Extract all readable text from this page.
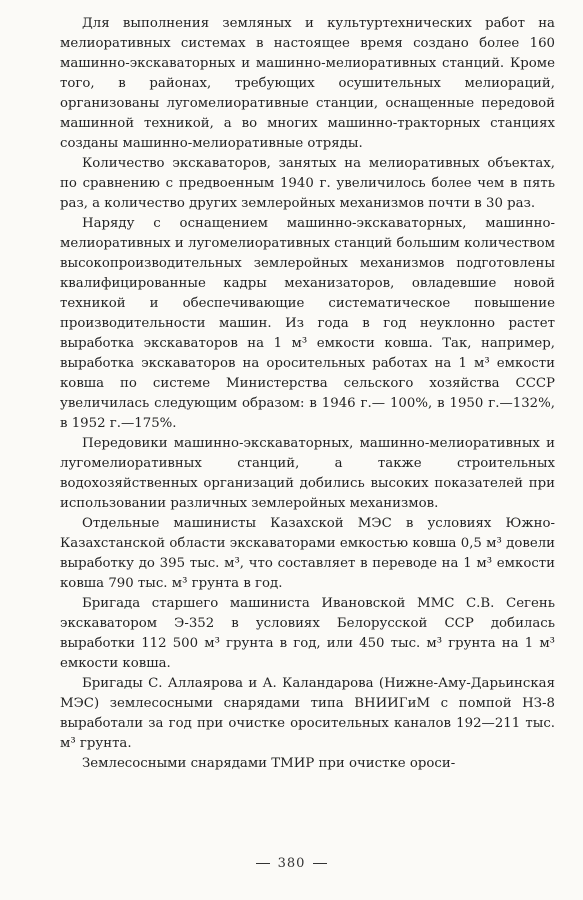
Для выполнения земляных и культуртехнических работ на мелиоративных системах в настоящее время создано более 160 машинно-экскаваторных и машинно-мелиоративных станций. Кроме того, в районах, требующих осушительных мелиораций, организованы лугомелиоративные станции, оснащенные передовой машинной техникой, а во многих машинно-тракторных станциях созданы машинно-мелиоративные отряды.

Количество экскаваторов, занятых на мелиоративных объектах, по сравнению с предвоенным 1940 г. увеличилось более чем в пять раз, а количество других землеройных механизмов почти в 30 раз.

Наряду с оснащением машинно-экскаваторных, машинно-мелиоративных и лугомелиоративных станций большим количеством высокопроизводительных землеройных механизмов подготовлены квалифицированные кадры механизаторов, овладевшие новой техникой и обеспечивающие систематическое повышение производительности машин. Из года в год неуклонно растет выработка экскаваторов на 1 м³ емкости ковша. Так, например, выработка экскаваторов на оросительных работах на 1 м³ емкости ковша по системе Министерства сельского хозяйства СССР увеличилась следующим образом: в 1946 г.— 100%, в 1950 г.—132%, в 1952 г.—175%.

Передовики машинно-экскаваторных, машинно-мелиоративных и лугомелиоративных станций, а также строительных водохозяйственных организаций добились высоких показателей при использовании различных землеройных механизмов.

Отдельные машинисты Казахской МЭС в условиях Южно-Казахстанской области экскаваторами емкостью ковша 0,5 м³ довели выработку до 395 тыс. м³, что составляет в переводе на 1 м³ емкости ковша 790 тыс. м³ грунта в год.

Бригада старшего машиниста Ивановской ММС С.В. Сегень экскаватором Э-352 в условиях Белорусской ССР добилась выработки 112 500 м³ грунта в год, или 450 тыс. м³ грунта на 1 м³ емкости ковша.

Бригады С. Аллаярова и А. Каландарова (Нижне-Аму-Дарьинская МЭС) землесосными снарядами типа ВНИИГиМ с помпой НЗ-8 выработали за год при очистке оросительных каналов 192—211 тыс. м³ грунта.

Землесосными снарядами ТМИР при очистке ороси-

380
